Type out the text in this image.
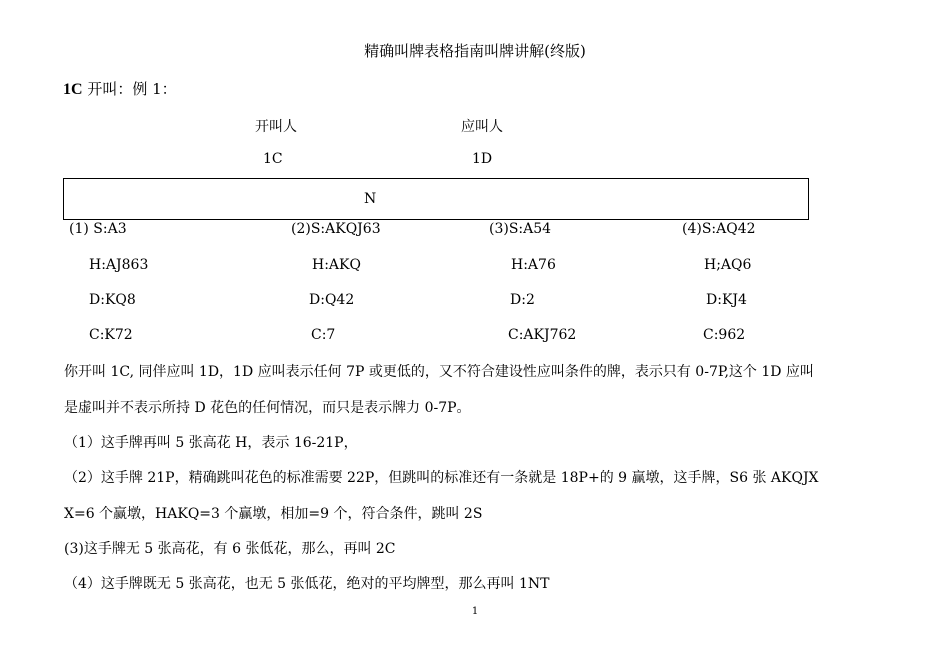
精确叫牌表格指南叫牌讲解(终版)
1C 开叫：例 1：
开叫人	应叫人
1C	1D
N
(1) S:A3
H:AJ863
D:KQ8
C:K72
(2)S:AKQJ63
H:AKQ
D:Q42
C:7
(3)S:A54
H:A76
D:2
C:AKJ762
(4)S:AQ42
H;AQ6
D:KJ4
C:962
你开叫 1C, 同伴应叫 1D，1D 应叫表示任何 7P 或更低的，又不符合建设性应叫条件的牌，表示只有 0-7P,这个 1D 应叫
是虚叫并不表示所持 D 花色的任何情况，而只是表示牌力 0-7P。
（1）这手牌再叫 5 张高花 H，表示 16-21P，
（2）这手牌 21P，精确跳叫花色的标准需要 22P，但跳叫的标准还有一条就是 18P+的 9 赢墩，这手牌，S6 张 AKQJX
X=6 个赢墩，HAKQ=3 个赢墩，相加=9 个，符合条件，跳叫 2S
(3)这手牌无 5 张高花，有 6 张低花，那么，再叫 2C
（4）这手牌既无 5 张高花，也无 5 张低花，绝对的平均牌型，那么再叫 1NT
1
